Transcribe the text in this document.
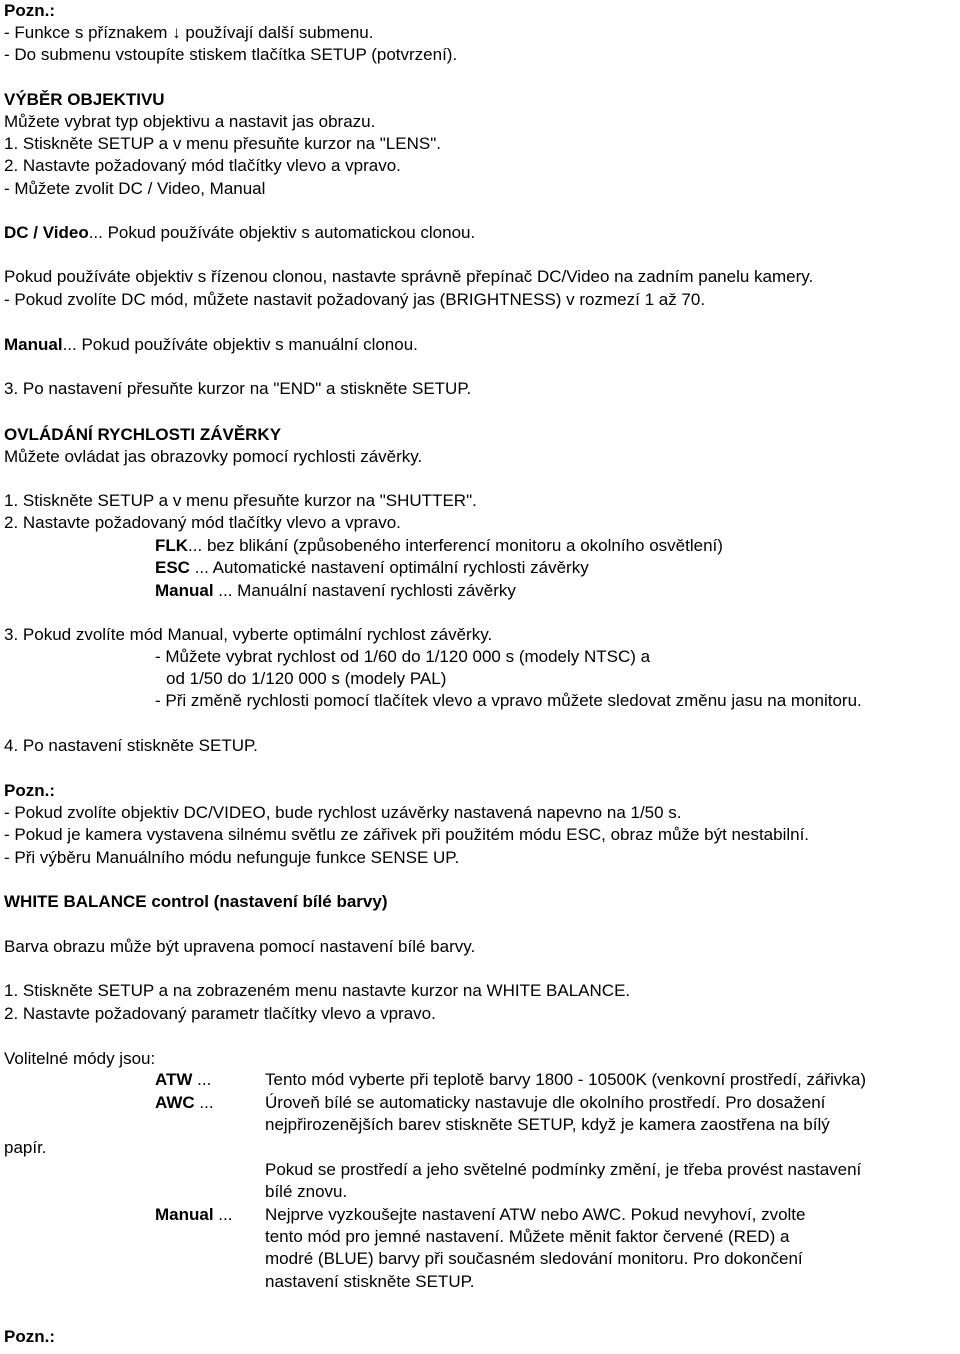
Pozn.:
- Funkce s příznakem ↓ používají další submenu.
- Do submenu vstoupíte stiskem tlačítka SETUP (potvrzení).
VÝBĚR OBJEKTIVU
Můžete vybrat typ objektivu a nastavit jas obrazu.
1. Stiskněte SETUP a v menu přesuňte kurzor na "LENS".
2. Nastavte požadovaný mód tlačítky vlevo a vpravo.
- Můžete zvolit DC / Video, Manual
DC / Video... Pokud používáte objektiv s automatickou clonou.
Pokud používáte objektiv s řízenou clonou, nastavte správně přepínač DC/Video na zadním panelu kamery.
- Pokud zvolíte DC mód, můžete nastavit požadovaný jas (BRIGHTNESS) v rozmezí 1 až 70.
Manual... Pokud používáte objektiv s manuální clonou.
3. Po nastavení přesuňte kurzor na "END" a stiskněte SETUP.
OVLÁDÁNÍ RYCHLOSTI ZÁVĚRKY
Můžete ovládat jas obrazovky pomocí rychlosti závěrky.
1. Stiskněte SETUP a v menu přesuňte kurzor na "SHUTTER".
2. Nastavte požadovaný mód tlačítky vlevo a vpravo.
FLK... bez blikání (způsobeného interferencí monitoru a okolního osvětlení)
ESC ... Automatické nastavení optimální rychlosti závěrky
Manual ... Manuální nastavení rychlosti závěrky
3. Pokud zvolíte mód Manual, vyberte optimální rychlost závěrky.
- Můžete vybrat rychlost od 1/60 do 1/120 000 s (modely NTSC) a
od 1/50 do 1/120 000 s (modely PAL)
- Při změně rychlosti pomocí tlačítek vlevo a vpravo můžete sledovat změnu jasu na monitoru.
4. Po nastavení stiskněte SETUP.
Pozn.:
- Pokud zvolíte objektiv DC/VIDEO, bude rychlost uzávěrky nastavená napevno na 1/50 s.
- Pokud je kamera vystavena silnému světlu ze zářivek při použitém módu ESC, obraz může být nestabilní.
- Při výběru Manuálního módu nefunguje funkce SENSE UP.
WHITE BALANCE control (nastavení bílé barvy)
Barva obrazu může být upravena pomocí nastavení bílé barvy.
1. Stiskněte SETUP a na zobrazeném menu nastavte kurzor na WHITE BALANCE.
2. Nastavte požadovaný parametr tlačítky vlevo a vpravo.
Volitelné módy jsou:
ATW ...	Tento mód vyberte při teplotě barvy 1800 - 10500K (venkovní prostředí, zářivka)
AWC ...	Úroveň bílé se automaticky nastavuje dle okolního prostředí. Pro dosažení
nejpřirozenějších barev stiskněte SETUP, když je kamera zaostřena na bílý
papír.
Pokud se prostředí a jeho světelné podmínky změní, je třeba provést nastavení
bílé znovu.
Manual ... Nejprve vyzkoušejte nastavení ATW nebo AWC. Pokud nevyhoví, zvolte
tento mód pro jemné nastavení. Můžete měnit faktor červené (RED) a
modré (BLUE) barvy při současném sledování monitoru. Pro dokončení
nastavení stiskněte SETUP.
Pozn.:
